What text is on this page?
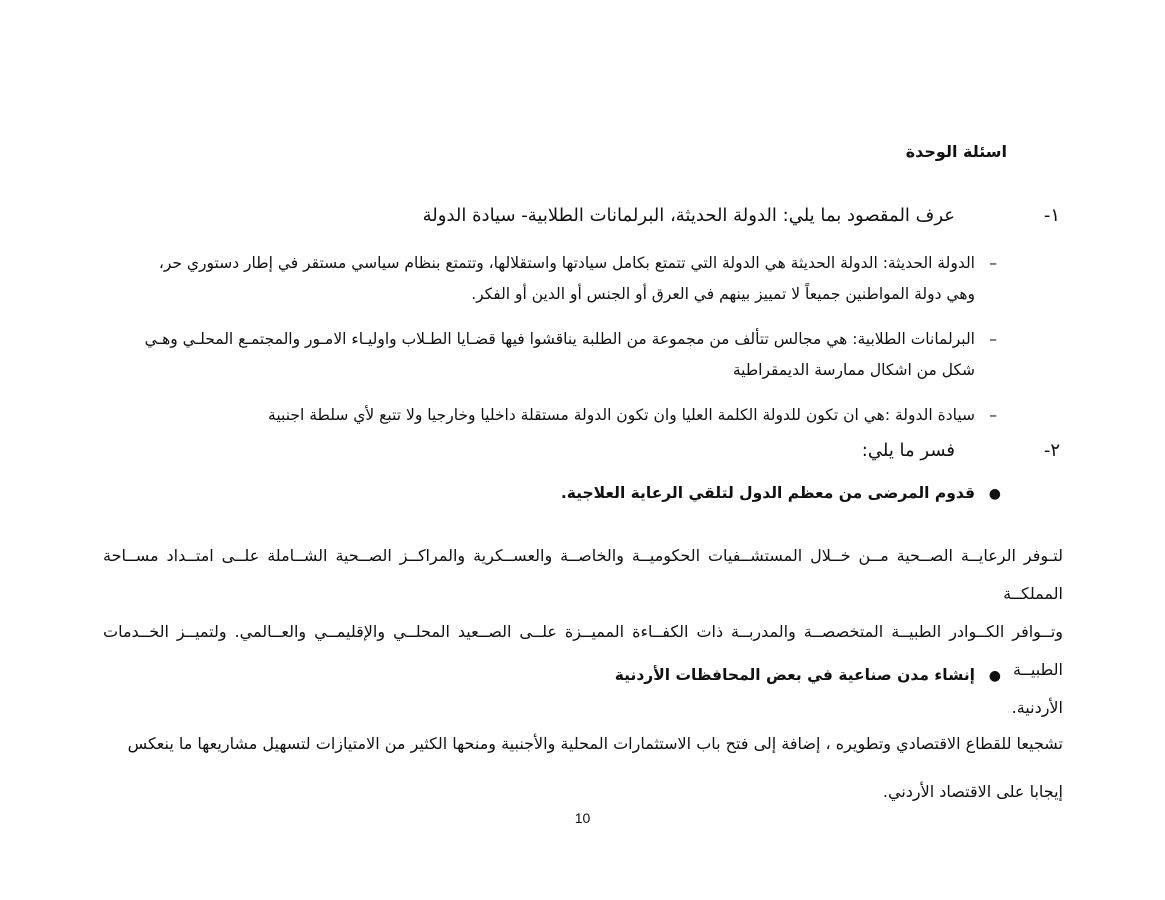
اسئلة الوحدة
١-
عرف المقصود بما يلي: الدولة الحديثة، البرلمانات الطلابية- سيادة الدولة
–
الدولة الحديثة: الدولة الحديثة هي الدولة التي تتمتع بكامل سيادتها واستقلالها، وتتمتع بنظام سياسي مستقر في إطار دستوري حر،
وهي دولة المواطنين جميعاً لا تمييز بينهم في العرق أو الجنس أو الدين أو الفكر.
–
البرلمانات الطلابية: هي مجالس تتألف من مجموعة من الطلبة يناقشوا فيها قضـايا الطـلاب واوليـاء الامـور والمجتمـع المحلـي وهـي
شكل من اشكال ممارسة الديمقراطية
–
سيادة الدولة :هي ان تكون للدولة الكلمة العليا وان تكون الدولة مستقلة داخليا وخارجيا ولا تتبع لأي سلطة اجنبية
٢-
فسر ما يلي:
●
قدوم المرضى من معظم الدول لتلقي الرعاية العلاجية.
لتـوفر الرعايــة الصــحية مــن خــلال المستشــفيات الحكوميــة والخاصــة والعســكرية والمراكــز الصــحية الشــاملة علــى امتــداد مســاحة المملكــة
وتــوافر الكــوادر الطبيــة المتخصصــة والمدربــة ذات الكفــاءة المميــزة علــى الصــعيد المحلــي والإقليمــي والعــالمي. ولتميــز الخــدمات الطبيــة
الأردنية.
●
إنشاء مدن صناعية في بعض المحافظات الأردنية
تشجيعا للقطاع الاقتصادي وتطويره ، إضافة إلى فتح باب الاستثمارات المحلية والأجنبية ومنحها الكثير من الامتيازات لتسهيل مشاريعها ما ينعكس
إيجابا على الاقتصاد الأردني.
10
